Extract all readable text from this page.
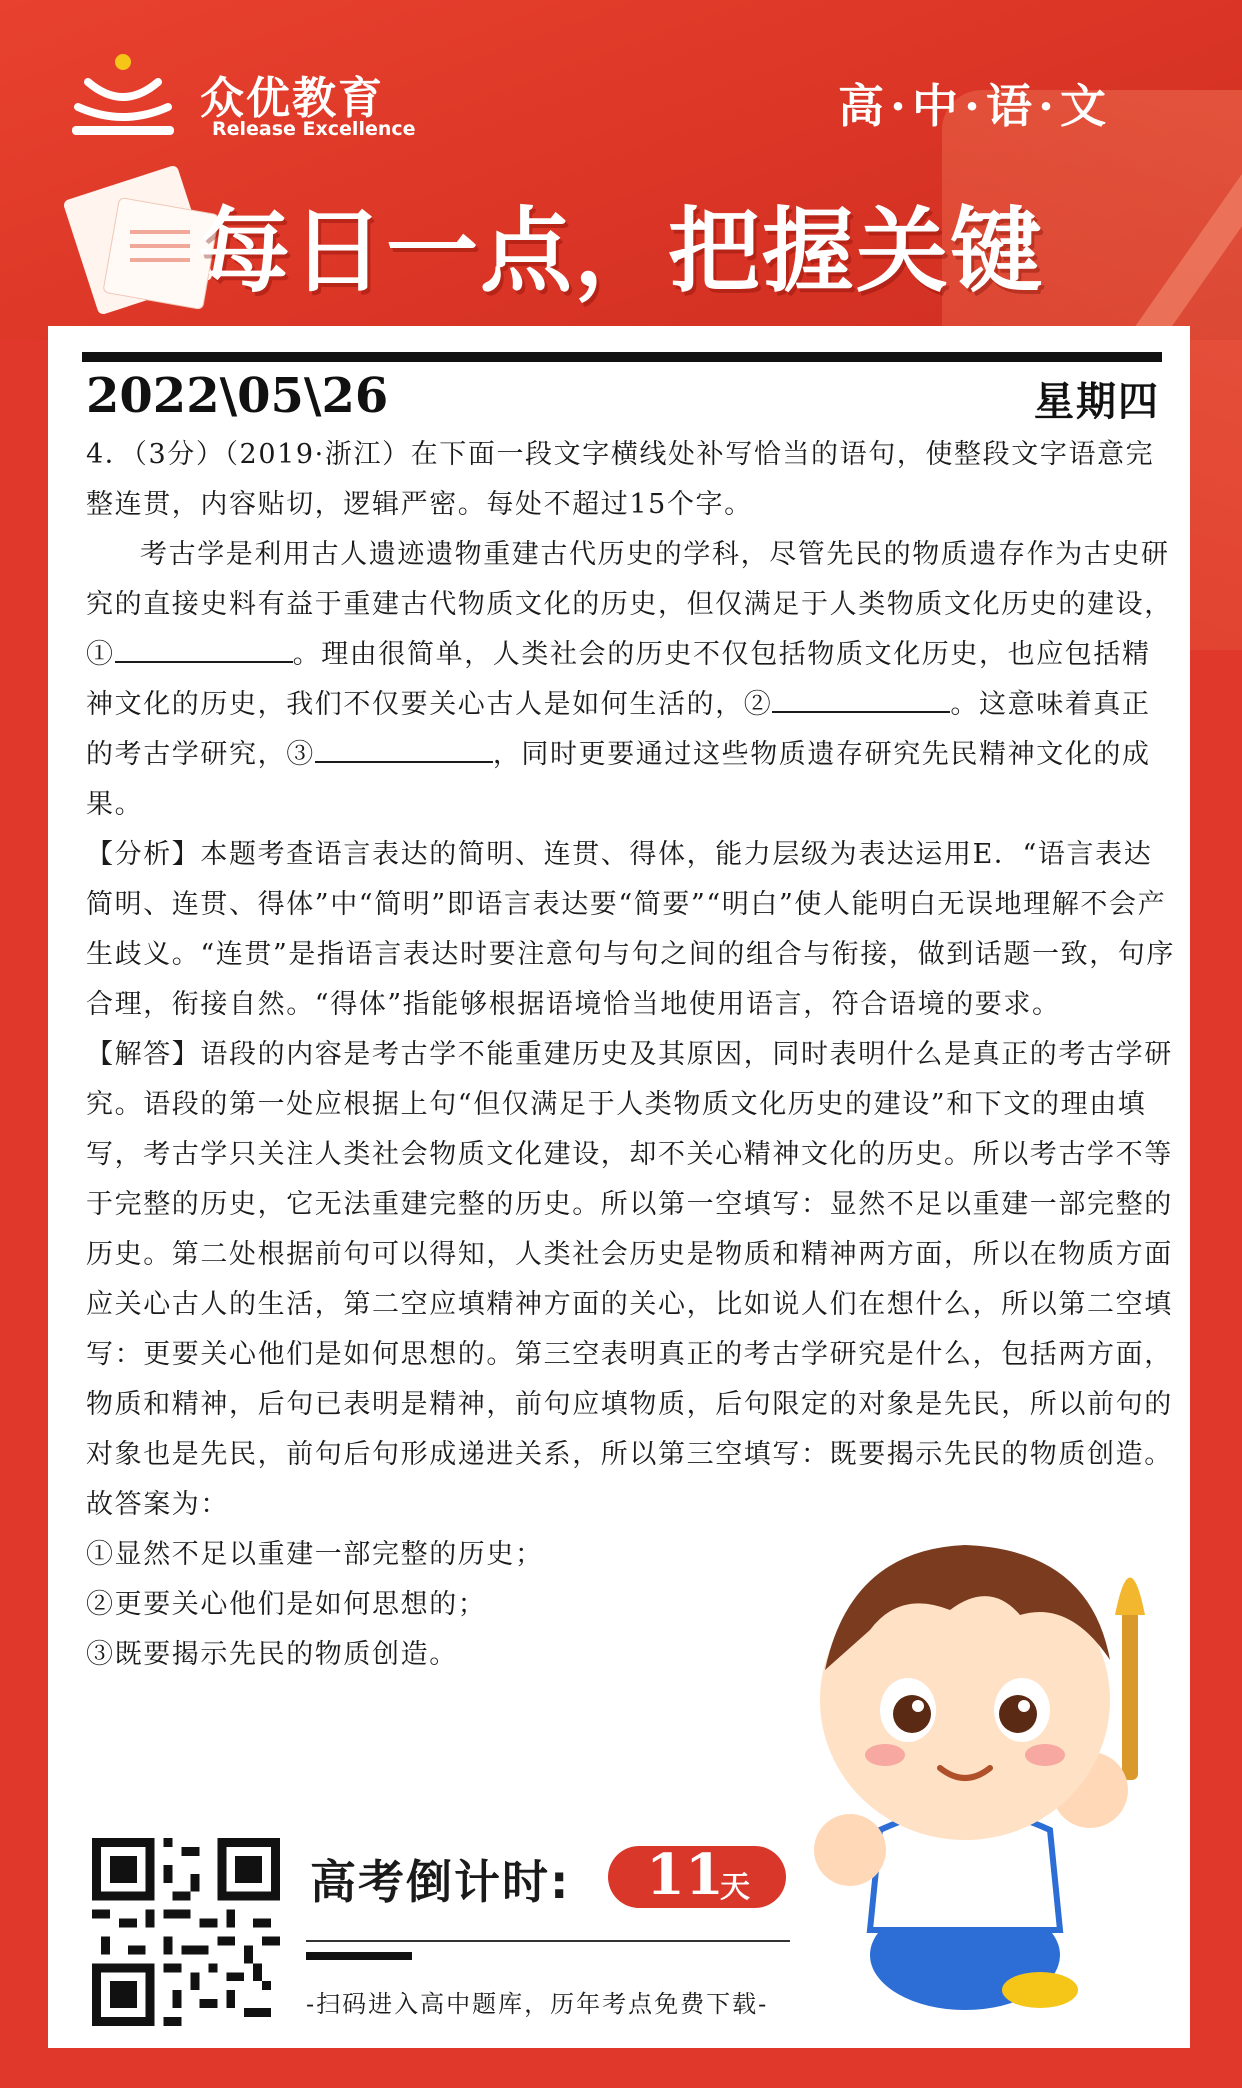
众优教育
Release Excellence	高·中·语·文
每日一点，把握关键
2022\05\26	星期四

4．（3分）（2019·浙江）在下面一段文字横线处补写恰当的语句，使整段文字语意完整连贯，内容贴切，逻辑严密。每处不超过15个字。

考古学是利用古人遗迹遗物重建古代历史的学科，尽管先民的物质遗存作为古史研究的直接史料有益于重建古代物质文化的历史，但仅满足于人类物质文化历史的建设，①	。理由很简单，人类社会的历史不仅包括物质文化历史，也应包括精神文化的历史，我们不仅要关心古人是如何生活的，②	。这意味着真正的考古学研究，③	，同时更要通过这些物质遗存研究先民精神文化的成果。

【分析】本题考查语言表达的简明、连贯、得体，能力层级为表达运用E．“语言表达简明、连贯、得体”中“简明”即语言表达要“简要”“明白”使人能明白无误地理解不会产生歧义。“连贯”是指语言表达时要注意句与句之间的组合与衔接，做到话题一致，句序合理，衔接自然。“得体”指能够根据语境恰当地使用语言，符合语境的要求。

【解答】语段的内容是考古学不能重建历史及其原因，同时表明什么是真正的考古学研究。语段的第一处应根据上句“但仅满足于人类物质文化历史的建设”和下文的理由填写，考古学只关注人类社会物质文化建设，却不关心精神文化的历史。所以考古学不等于完整的历史，它无法重建完整的历史。所以第一空填写：显然不足以重建一部完整的历史。第二处根据前句可以得知，人类社会历史是物质和精神两方面，所以在物质方面应关心古人的生活，第二空应填精神方面的关心，比如说人们在想什么，所以第二空填写：更要关心他们是如何思想的。第三空表明真正的考古学研究是什么，包括两方面，物质和精神，后句已表明是精神，前句应填物质，后句限定的对象是先民，所以前句的对象也是先民，前句后句形成递进关系，所以第三空填写：既要揭示先民的物质创造。

故答案为：

①显然不足以重建一部完整的历史；

②更要关心他们是如何思想的；

③既要揭示先民的物质创造。

高考倒计时: 11
天
-扫码进入高中题库，历年考点免费下载-
